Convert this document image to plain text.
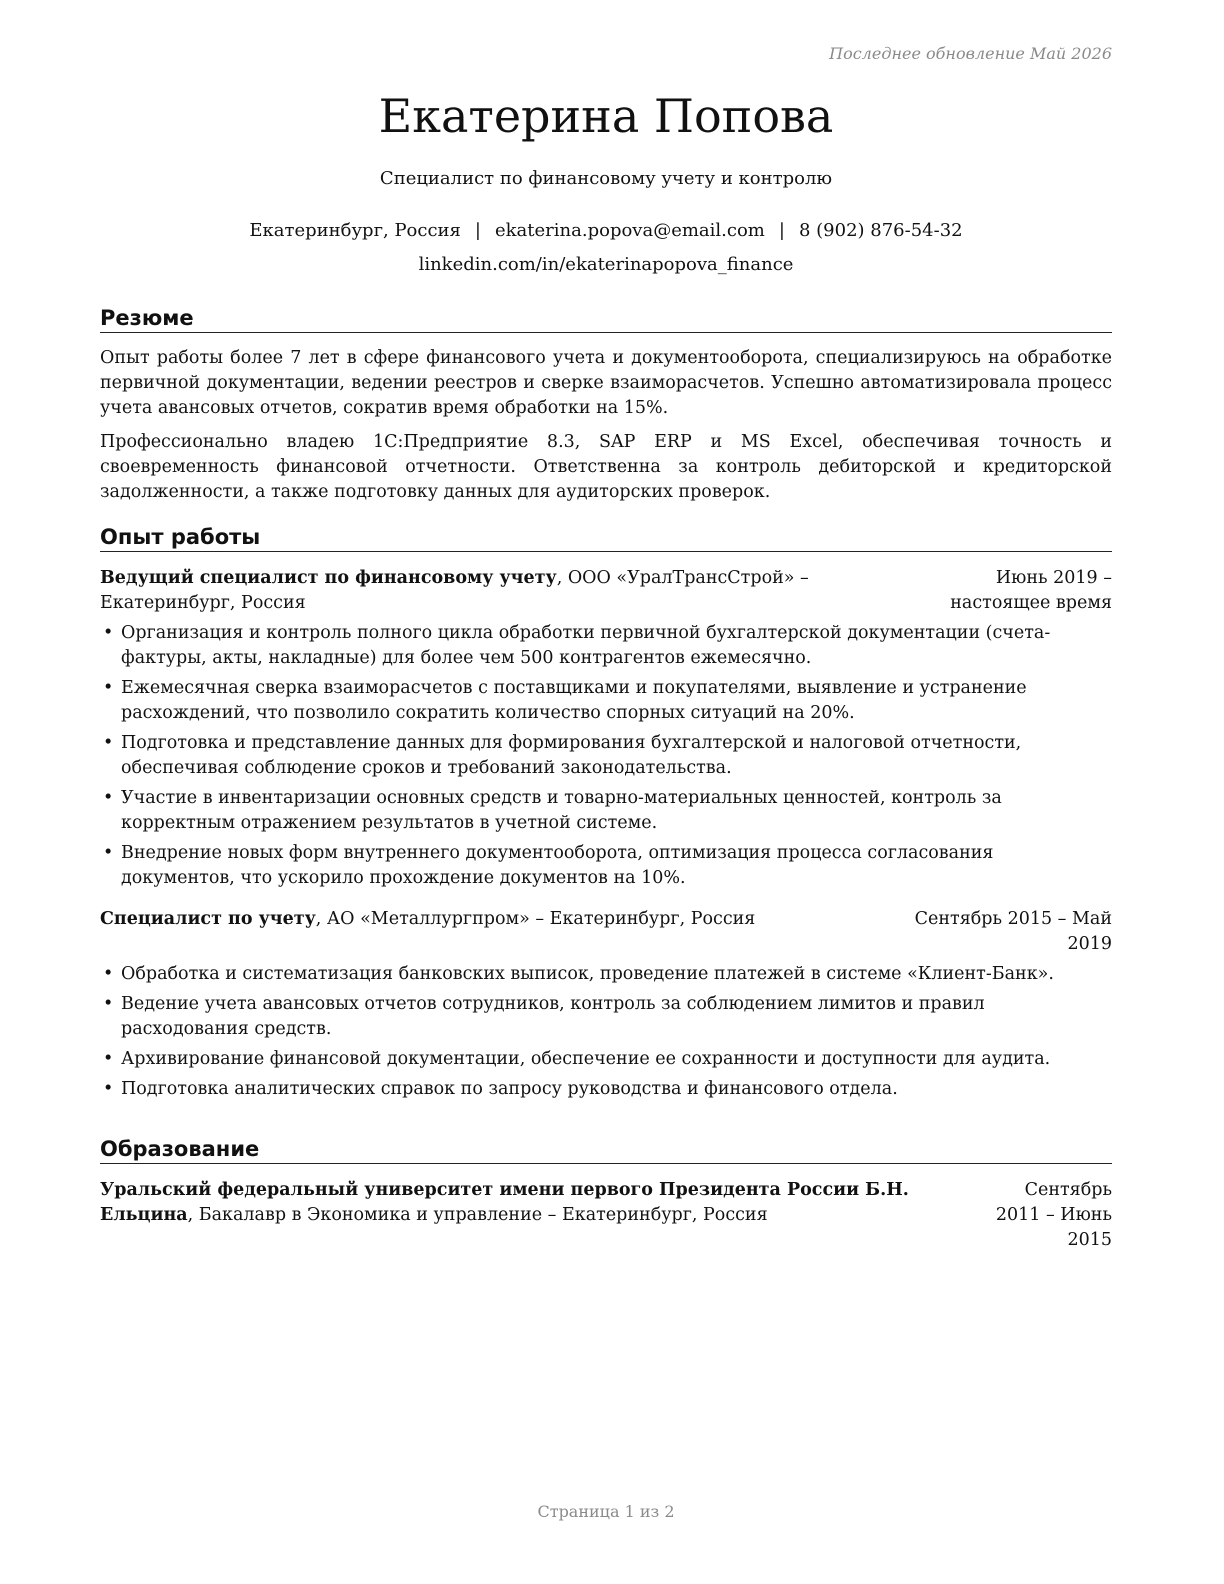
Последнее обновление Май 2026
Екатерина Попова
Специалист по финансовому учету и контролю
Екатеринбург, Россия | ekaterina.popova@email.com | 8 (902) 876-54-32
linkedin.com/in/ekaterinapopova_finance
Резюме

Опыт работы более 7 лет в сфере финансового учета и документооборота, специализируюсь на обработке первичной документации, ведении реестров и сверке взаиморасчетов. Успешно автоматизировала процесс учета авансовых отчетов, сократив время обработки на 15%.

Профессионально владею 1С:Предприятие 8.3, SAP ERP и MS Excel, обеспечивая точность и своевременность финансовой отчетности. Ответственна за контроль дебиторской и кредиторской задолженности, а также подготовку данных для аудиторских проверок.

Опыт работы
Ведущий специалист по финансовому учету, ООО «УралТрансСтрой» – Екатеринбург, Россия
Июнь 2019 – настоящее время
• Организация и контроль полного цикла обработки первичной бухгалтерской документации (счета-фактуры, акты, накладные) для более чем 500 контрагентов ежемесячно.
• Ежемесячная сверка взаиморасчетов с поставщиками и покупателями, выявление и устранение расхождений, что позволило сократить количество спорных ситуаций на 20%.
• Подготовка и представление данных для формирования бухгалтерской и налоговой отчетности, обеспечивая соблюдение сроков и требований законодательства.
• Участие в инвентаризации основных средств и товарно-материальных ценностей, контроль за корректным отражением результатов в учетной системе.
• Внедрение новых форм внутреннего документооборота, оптимизация процесса согласования документов, что ускорило прохождение документов на 10%.
Специалист по учету, АО «Металлургпром» – Екатеринбург, Россия	Сентябрь 2015 – Май 2019
• Обработка и систематизация банковских выписок, проведение платежей в системе «Клиент-Банк».
• Ведение учета авансовых отчетов сотрудников, контроль за соблюдением лимитов и правил расходования средств.
• Архивирование финансовой документации, обеспечение ее сохранности и доступности для аудита.
• Подготовка аналитических справок по запросу руководства и финансового отдела.
Образование
Уральский федеральный университет имени первого Президента России Б.Н. Ельцина, Бакалавр в Экономика и управление – Екатеринбург, Россия
Сентябрь 2011 – Июнь 2015
Страница 1 из 2
